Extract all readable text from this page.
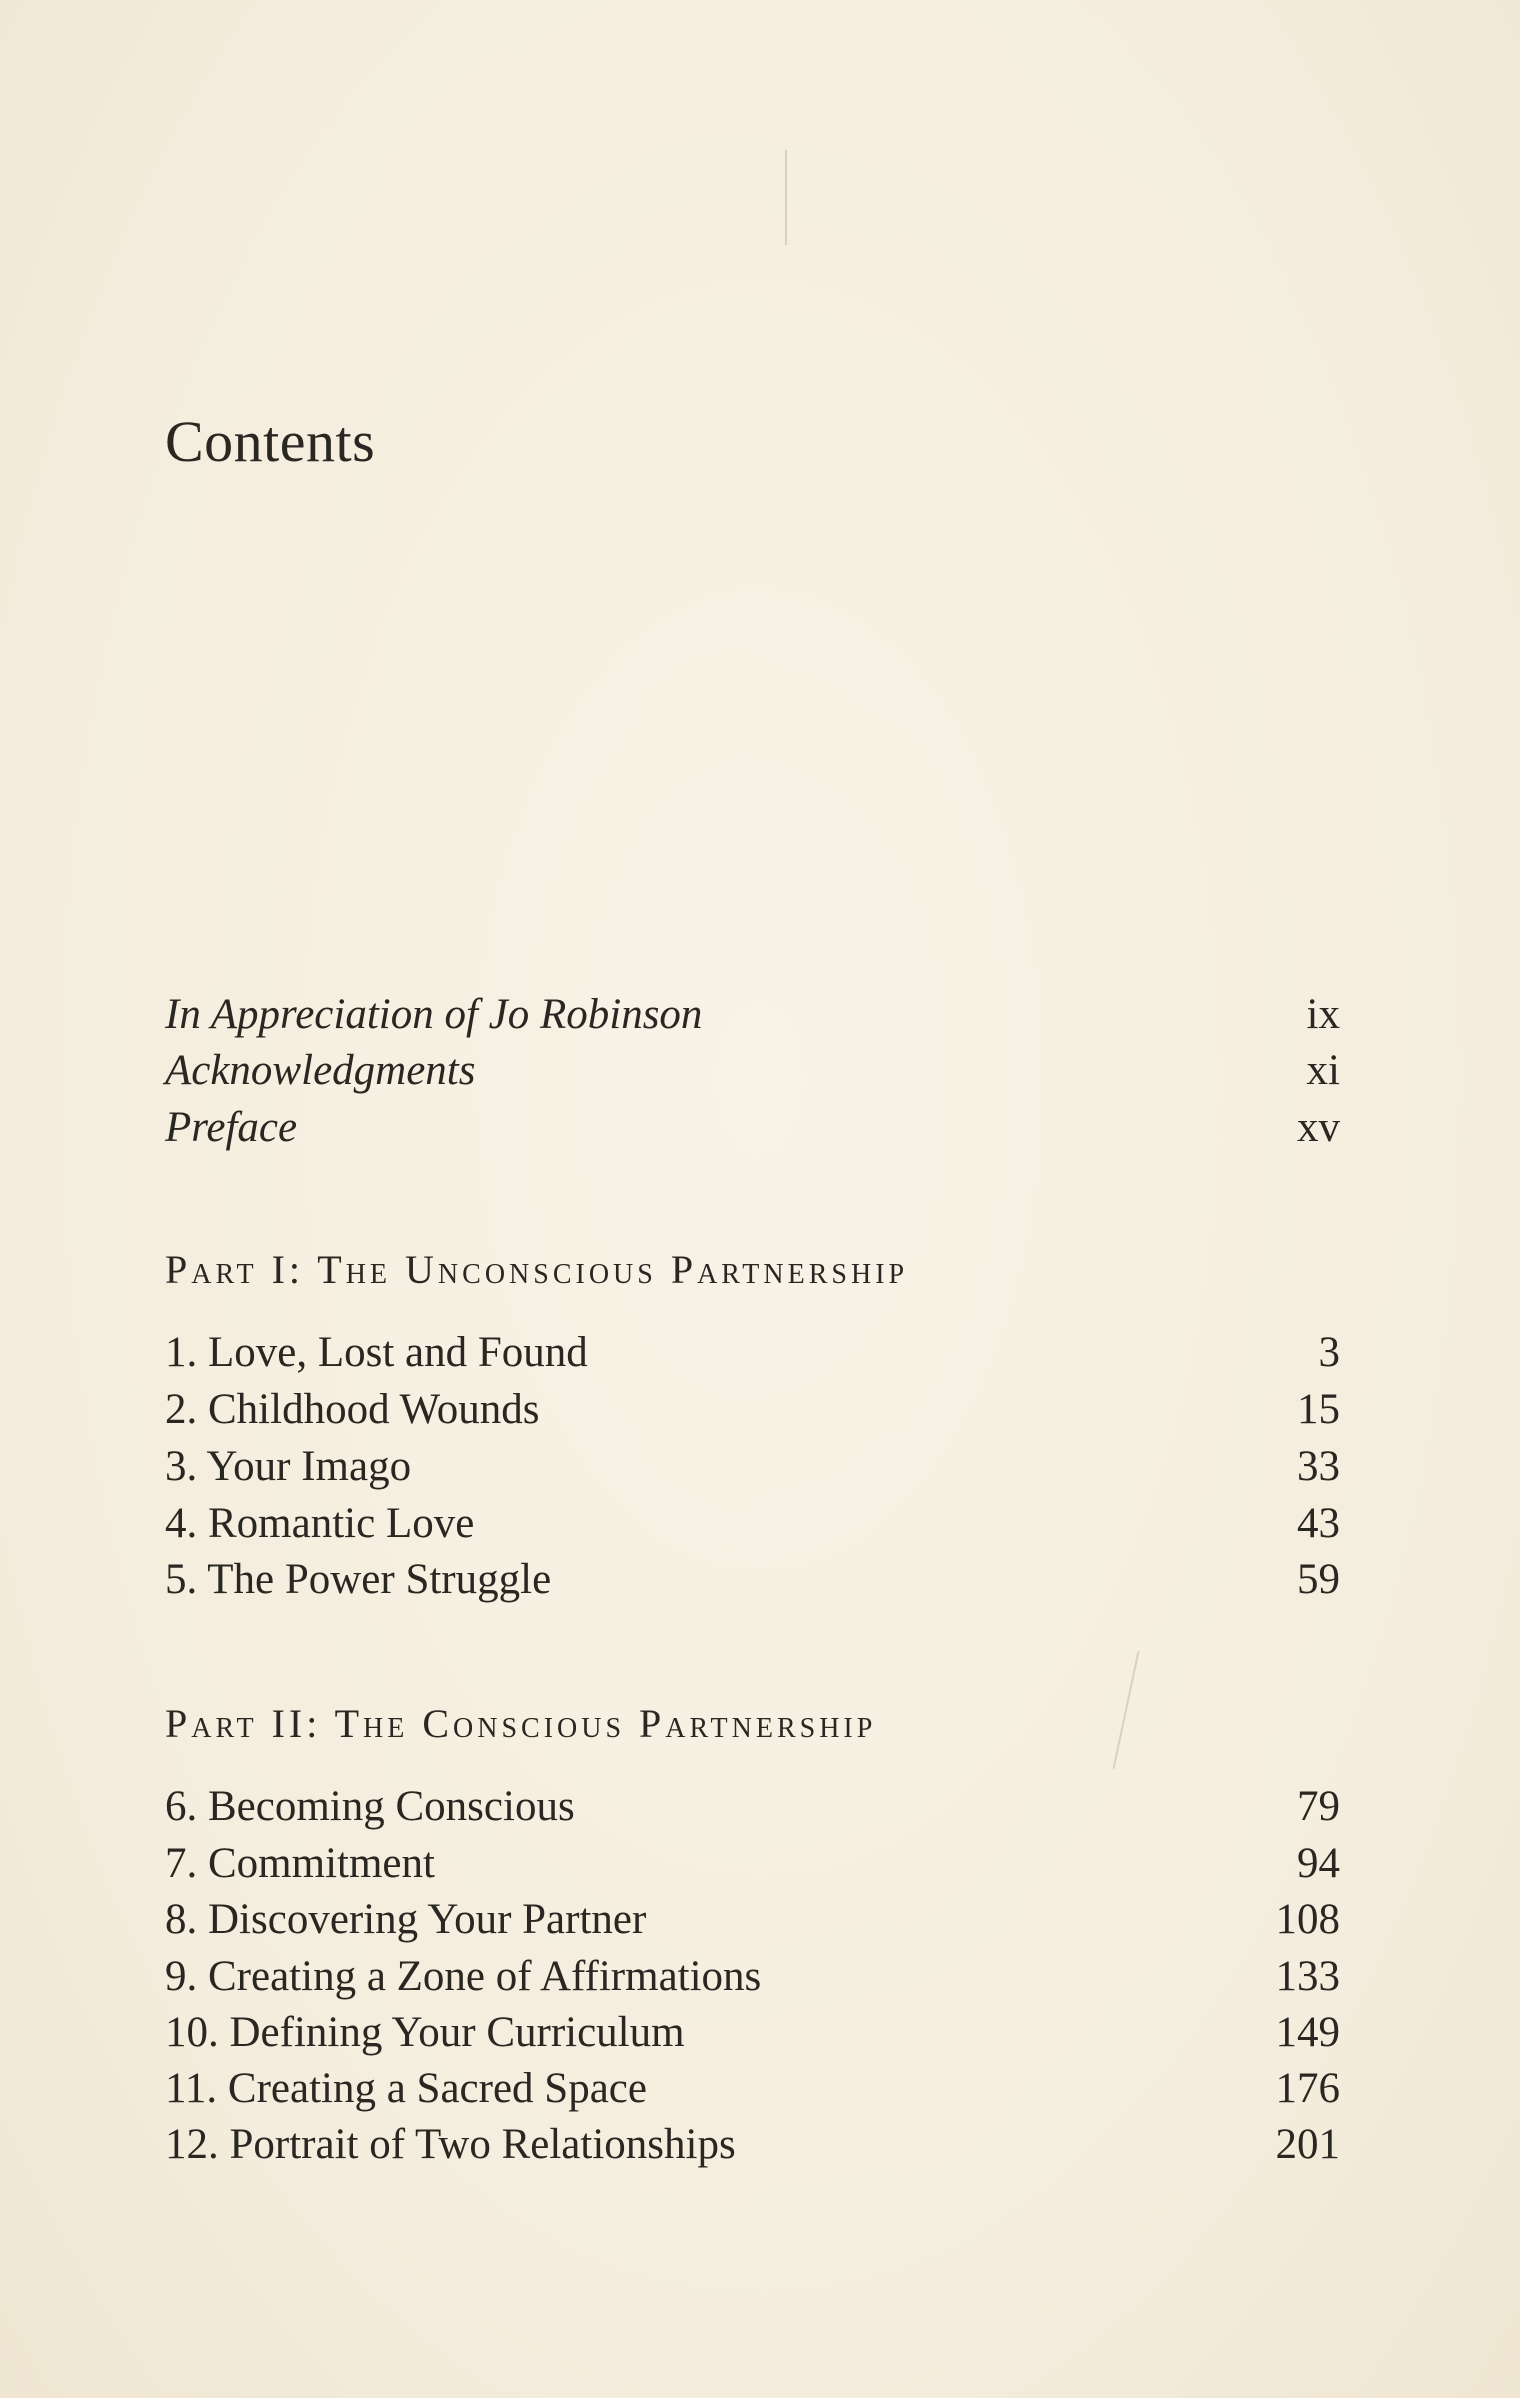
Contents
In Appreciation of Jo Robinson	ix
Acknowledgments	xi
Preface	xv
Part I: The Unconscious Partnership
1. Love, Lost and Found	3
2. Childhood Wounds	15
3. Your Imago	33
4. Romantic Love	43
5. The Power Struggle	59
Part II: The Conscious Partnership
6. Becoming Conscious	79
7. Commitment	94
8. Discovering Your Partner	108
9. Creating a Zone of Affirmations	133
10. Defining Your Curriculum	149
11. Creating a Sacred Space	176
12. Portrait of Two Relationships	201
